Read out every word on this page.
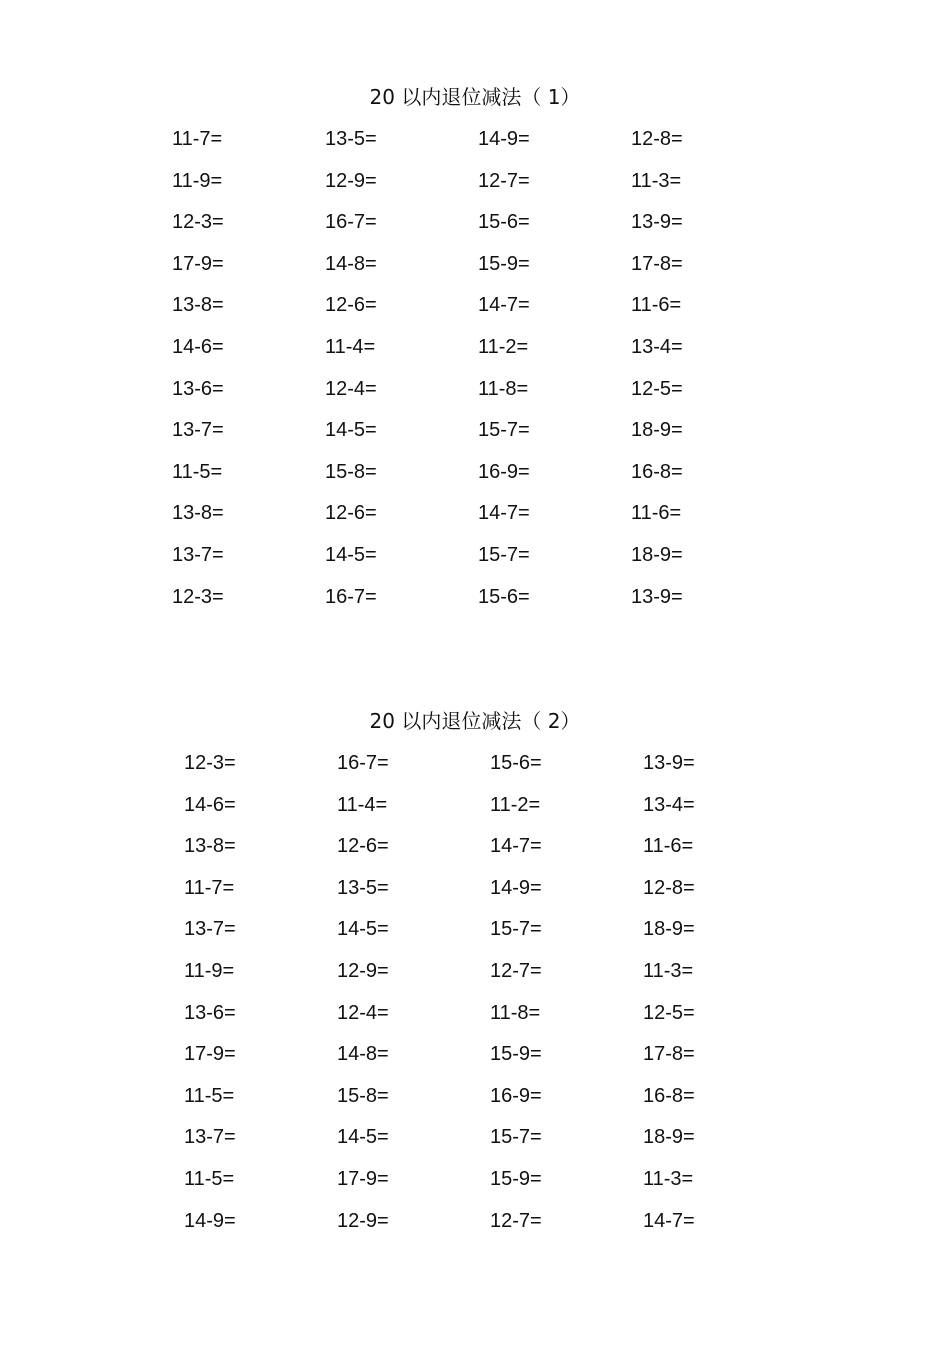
20 以内退位减法（ 1）
11-7=	13-5=	14-9=	12-8=
11-9=	12-9=	12-7=	11-3=
12-3=	16-7=	15-6=	13-9=
17-9=	14-8=	15-9=	17-8=
13-8=	12-6=	14-7=	11-6=
14-6=	11-4=	11-2=	13-4=
13-6=	12-4=	11-8=	12-5=
13-7=	14-5=	15-7=	18-9=
11-5=	15-8=	16-9=	16-8=
13-8=	12-6=	14-7=	11-6=
13-7=	14-5=	15-7=	18-9=
12-3=	16-7=	15-6=	13-9=
20 以内退位减法（ 2）
12-3=	16-7=	15-6=	13-9=
14-6=	11-4=	11-2=	13-4=
13-8=	12-6=	14-7=	11-6=
11-7=	13-5=	14-9=	12-8=
13-7=	14-5=	15-7=	18-9=
11-9=	12-9=	12-7=	11-3=
13-6=	12-4=	11-8=	12-5=
17-9=	14-8=	15-9=	17-8=
11-5=	15-8=	16-9=	16-8=
13-7=	14-5=	15-7=	18-9=
11-5=	17-9=	15-9=	11-3=
14-9=	12-9=	12-7=	14-7=
